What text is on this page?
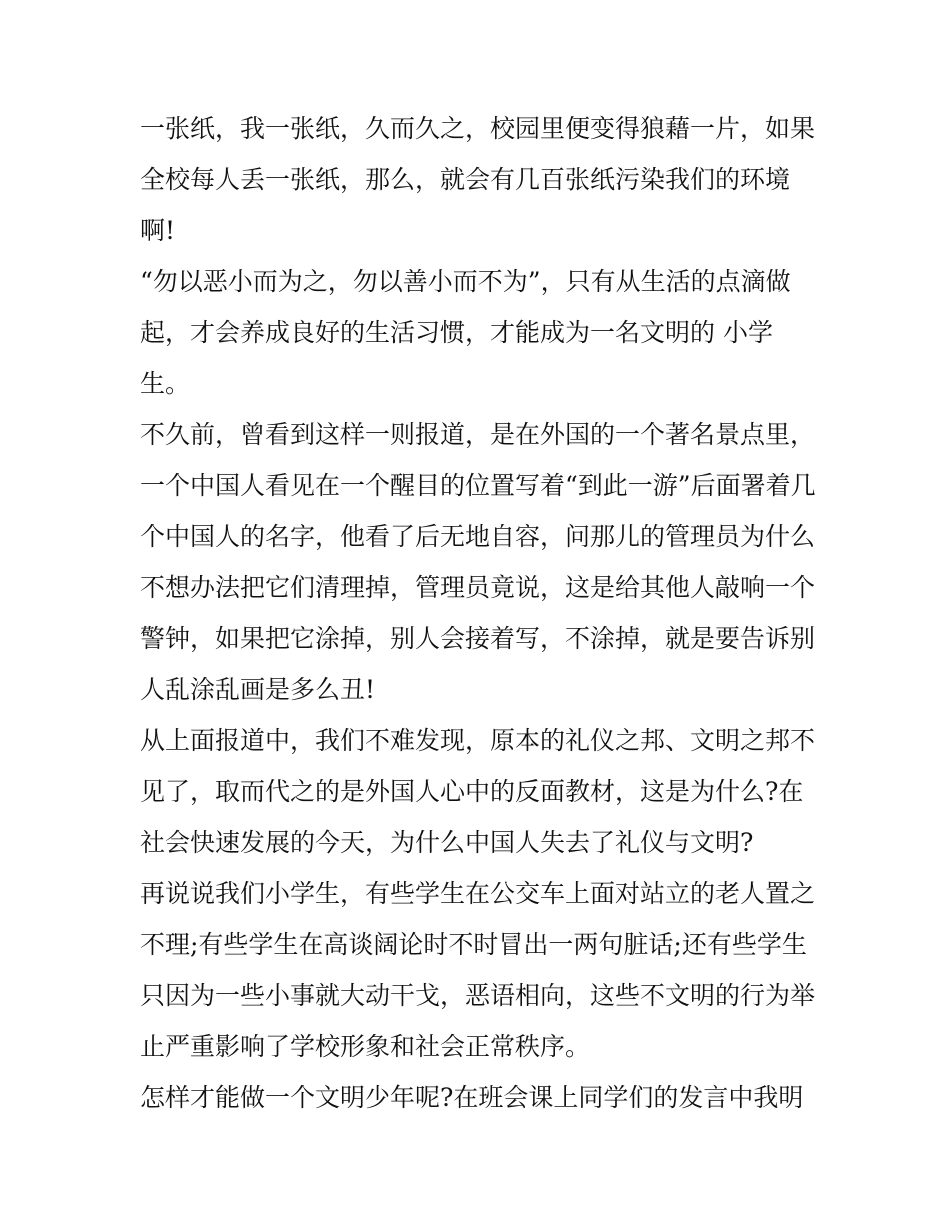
一张纸，我一张纸，久而久之，校园里便变得狼藉一片，如果
全校每人丢一张纸，那么，就会有几百张纸污染我们的环境
啊!
“勿以恶小而为之，勿以善小而不为”，只有从生活的点滴做
起，才会养成良好的生活习惯，才能成为一名文明的 小学
生。
不久前，曾看到这样一则报道，是在外国的一个著名景点里，
一个中国人看见在一个醒目的位置写着“到此一游”后面署着几
个中国人的名字，他看了后无地自容，问那儿的管理员为什么
不想办法把它们清理掉，管理员竟说，这是给其他人敲响一个
警钟，如果把它涂掉，别人会接着写，不涂掉，就是要告诉别
人乱涂乱画是多么丑!
从上面报道中，我们不难发现，原本的礼仪之邦、文明之邦不
见了，取而代之的是外国人心中的反面教材，这是为什么?在
社会快速发展的今天，为什么中国人失去了礼仪与文明?
再说说我们小学生，有些学生在公交车上面对站立的老人置之
不理;有些学生在高谈阔论时不时冒出一两句脏话;还有些学生
只因为一些小事就大动干戈，恶语相向，这些不文明的行为举
止严重影响了学校形象和社会正常秩序。
怎样才能做一个文明少年呢?在班会课上同学们的发言中我明
